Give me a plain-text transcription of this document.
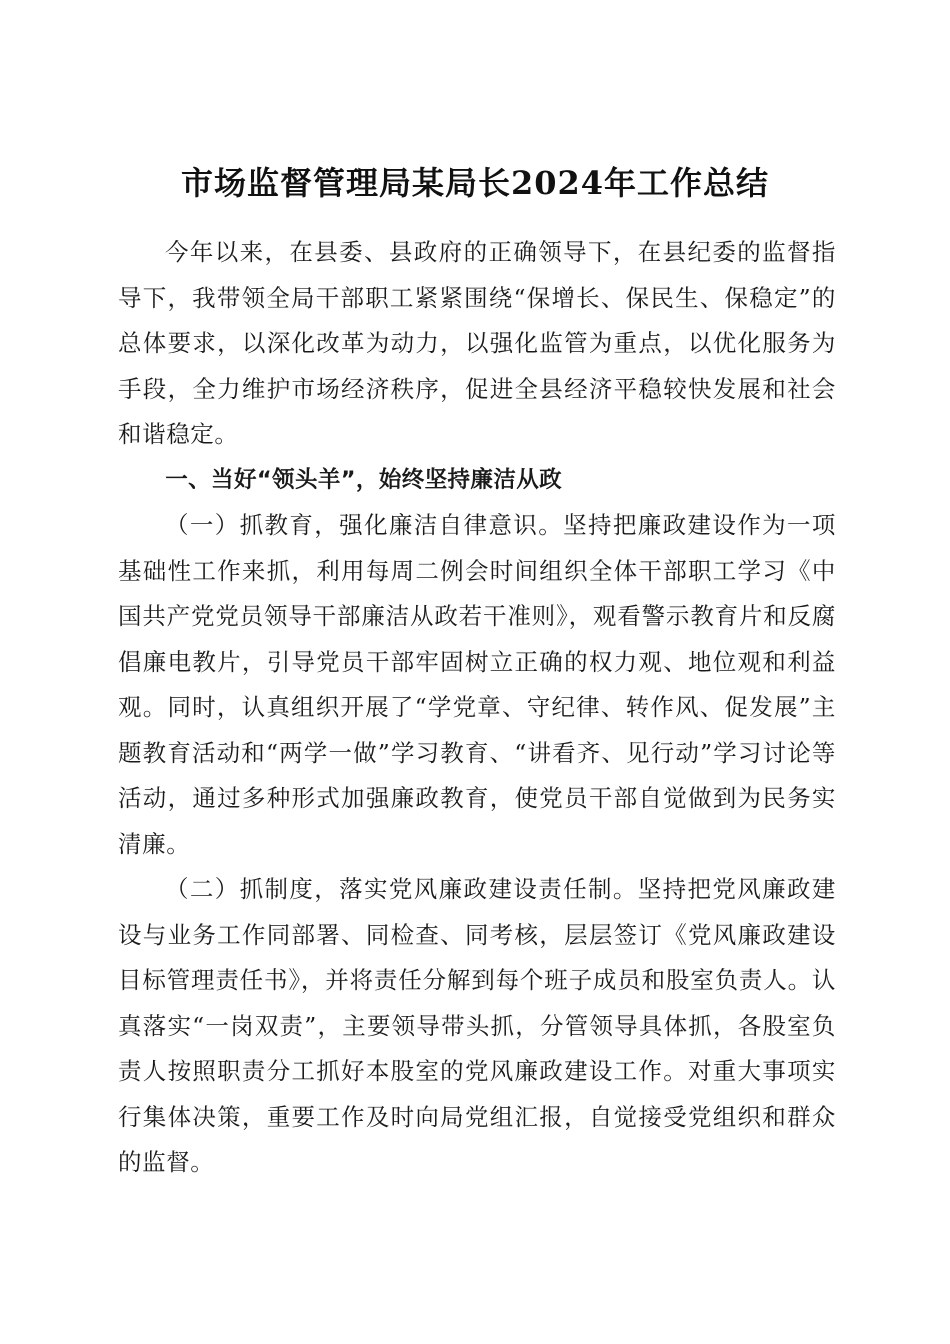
市场监督管理局某局长2024年工作总结

今年以来，在县委、县政府的正确领导下，在县纪委的监督指导下，我带领全局干部职工紧紧围绕“保增长、保民生、保稳定”的总体要求，以深化改革为动力，以强化监管为重点，以优化服务为手段，全力维护市场经济秩序，促进全县经济平稳较快发展和社会和谐稳定。

一、当好“领头羊”，始终坚持廉洁从政

（一）抓教育，强化廉洁自律意识。坚持把廉政建设作为一项基础性工作来抓，利用每周二例会时间组织全体干部职工学习《中国共产党党员领导干部廉洁从政若干准则》，观看警示教育片和反腐倡廉电教片，引导党员干部牢固树立正确的权力观、地位观和利益观。同时，认真组织开展了“学党章、守纪律、转作风、促发展”主题教育活动和“两学一做”学习教育、“讲看齐、见行动”学习讨论等活动，通过多种形式加强廉政教育，使党员干部自觉做到为民务实清廉。

（二）抓制度，落实党风廉政建设责任制。坚持把党风廉政建设与业务工作同部署、同检查、同考核，层层签订《党风廉政建设目标管理责任书》，并将责任分解到每个班子成员和股室负责人。认真落实“一岗双责”，主要领导带头抓，分管领导具体抓，各股室负责人按照职责分工抓好本股室的党风廉政建设工作。对重大事项实行集体决策，重要工作及时向局党组汇报，自觉接受党组织和群众的监督。
